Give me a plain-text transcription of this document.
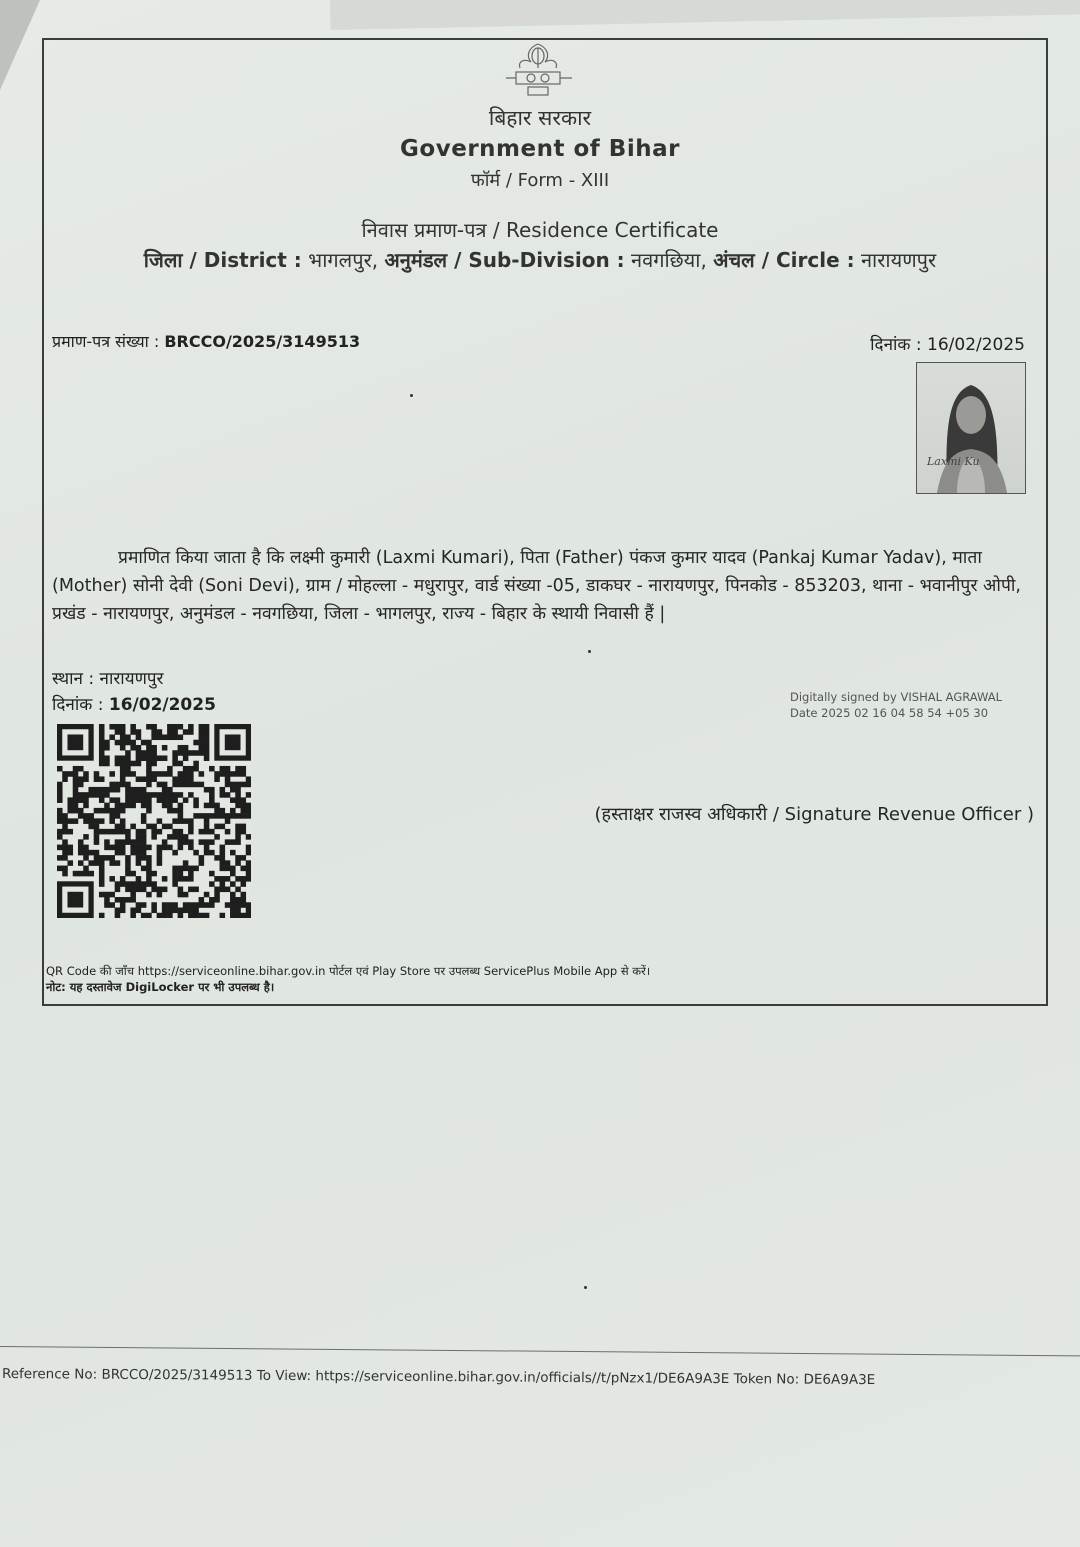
बिहार सरकार
Government of Bihar
फॉर्म / Form - XIII
निवास प्रमाण-पत्र / Residence Certificate
जिला / District : भागलपुर, अनुमंडल / Sub-Division : नवगछिया, अंचल / Circle : नारायणपुर
प्रमाण-पत्र संख्या : BRCCO/2025/3149513	दिनांक : 16/02/2025
Laxmi Ku
प्रमाणित किया जाता है कि लक्ष्मी कुमारी (Laxmi Kumari), पिता (Father) पंकज कुमार यादव (Pankaj Kumar Yadav), माता (Mother) सोनी देवी (Soni Devi), ग्राम / मोहल्ला - मधुरापुर, वार्ड संख्या -05, डाकघर - नारायणपुर, पिनकोड - 853203, थाना - भवानीपुर ओपी, प्रखंड - नारायणपुर, अनुमंडल - नवगछिया, जिला - भागलपुर, राज्य - बिहार के स्थायी निवासी हैं |
स्थान : नारायणपुर
दिनांक : 16/02/2025	Digitally signed by VISHAL AGRAWAL
Date 2025 02 16 04 58 54 +05 30
(हस्ताक्षर राजस्व अधिकारी / Signature Revenue Officer )
QR Code की जाँच https://serviceonline.bihar.gov.in पोर्टल एवं Play Store पर उपलब्ध ServicePlus Mobile App से करें।
नोट: यह दस्तावेज DigiLocker पर भी उपलब्ध है।
Reference No: BRCCO/2025/3149513 To View: https://serviceonline.bihar.gov.in/officials//t/pNzx1/DE6A9A3E Token No: DE6A9A3E
